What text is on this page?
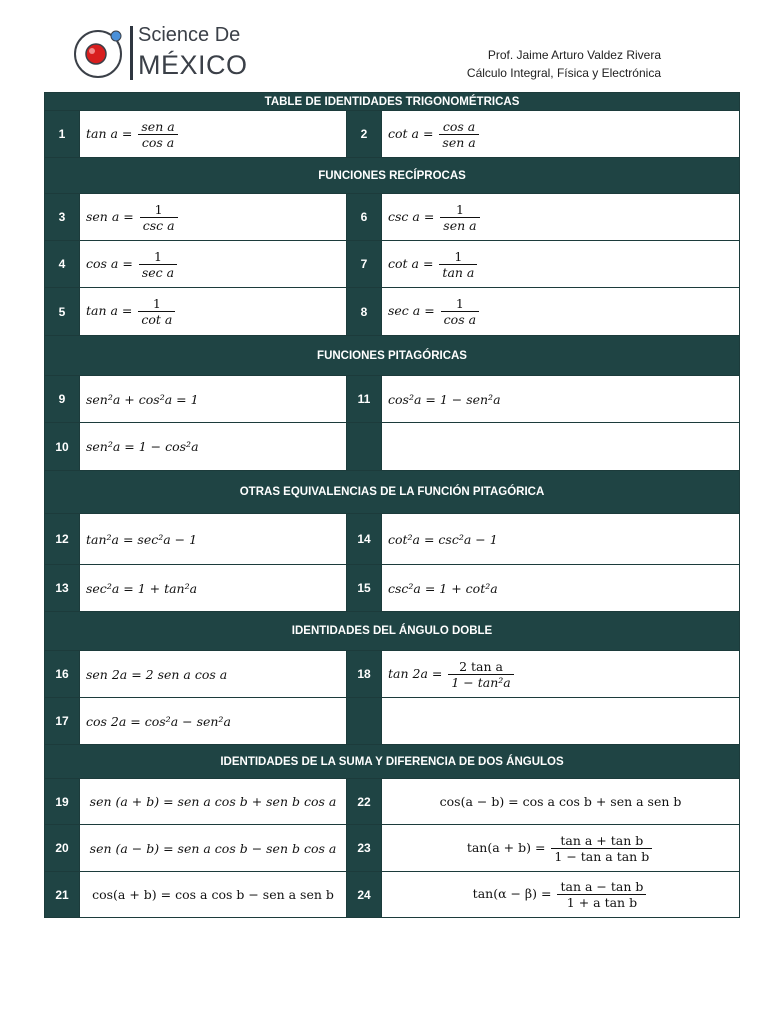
Science De
MÉXICO	Prof. Jaime Arturo Valdez Rivera
Cálculo Integral, Física y Electrónica
TABLE DE IDENTIDADES TRIGONOMÉTRICAS			
1	$\tan a = \frac{\text{sen a}}{\text{cos a}}$	2	$\cot a = \frac{\text{cos a}}{\text{sen a}}$

FUNCIONES RECÍPROCAS			
3	sen $a = \frac{1}{\text{csc a}}$	6	$\csc a = \frac{1}{\text{sen a}}$

4	$\cos a = \frac{1}{\text{sec a}}$	7	$\cot a = \frac{1}{\text{tan a}}$

5	$\tan a = \frac{1}{\text{cot a}}$	8	$\sec a = \frac{1}{\text{cos a}}$

FUNCIONES PITAGÓRICAS			
9	sen²a + cos²a = 1	11	cos²a = 1 − sen²a
10	sen²a = 1 − cos²a		
OTRAS EQUIVALENCIAS DE LA FUNCIÓN PITAGÓRICA			
12	tan²a = sec²a − 1	14	cot²a = csc²a − 1
13	sec²a = 1 + tan²a	15	csc²a = 1 + cot²a
IDENTIDADES DEL ÁNGULO DOBLE			
16	sen 2a = 2 sen a cos a	18	$\tan 2a = \frac{\text{2 tan a}}{\text{1 − tan²a}}$

17	cos 2a = cos²a − sen²a		
IDENTIDADES DE LA SUMA Y DIFERENCIA DE DOS ÁNGULOS			
19	sen (a + b) = sen a cos b + sen b cos a	22	cos(a − b) = cos a cos b + sen a sen b
20	sen (a − b) = sen a cos b − sen b cos a	23	$\tan(a + b) = \frac{\text{tan a + tan b}}{\text{1 − tan a tan b}}$

21	cos(a + b) = cos a cos b − sen a sen b	24	$\tan(\alpha - \beta) = \frac{\text{tan a − tan b}}{\text{1 + a tan b}}$
